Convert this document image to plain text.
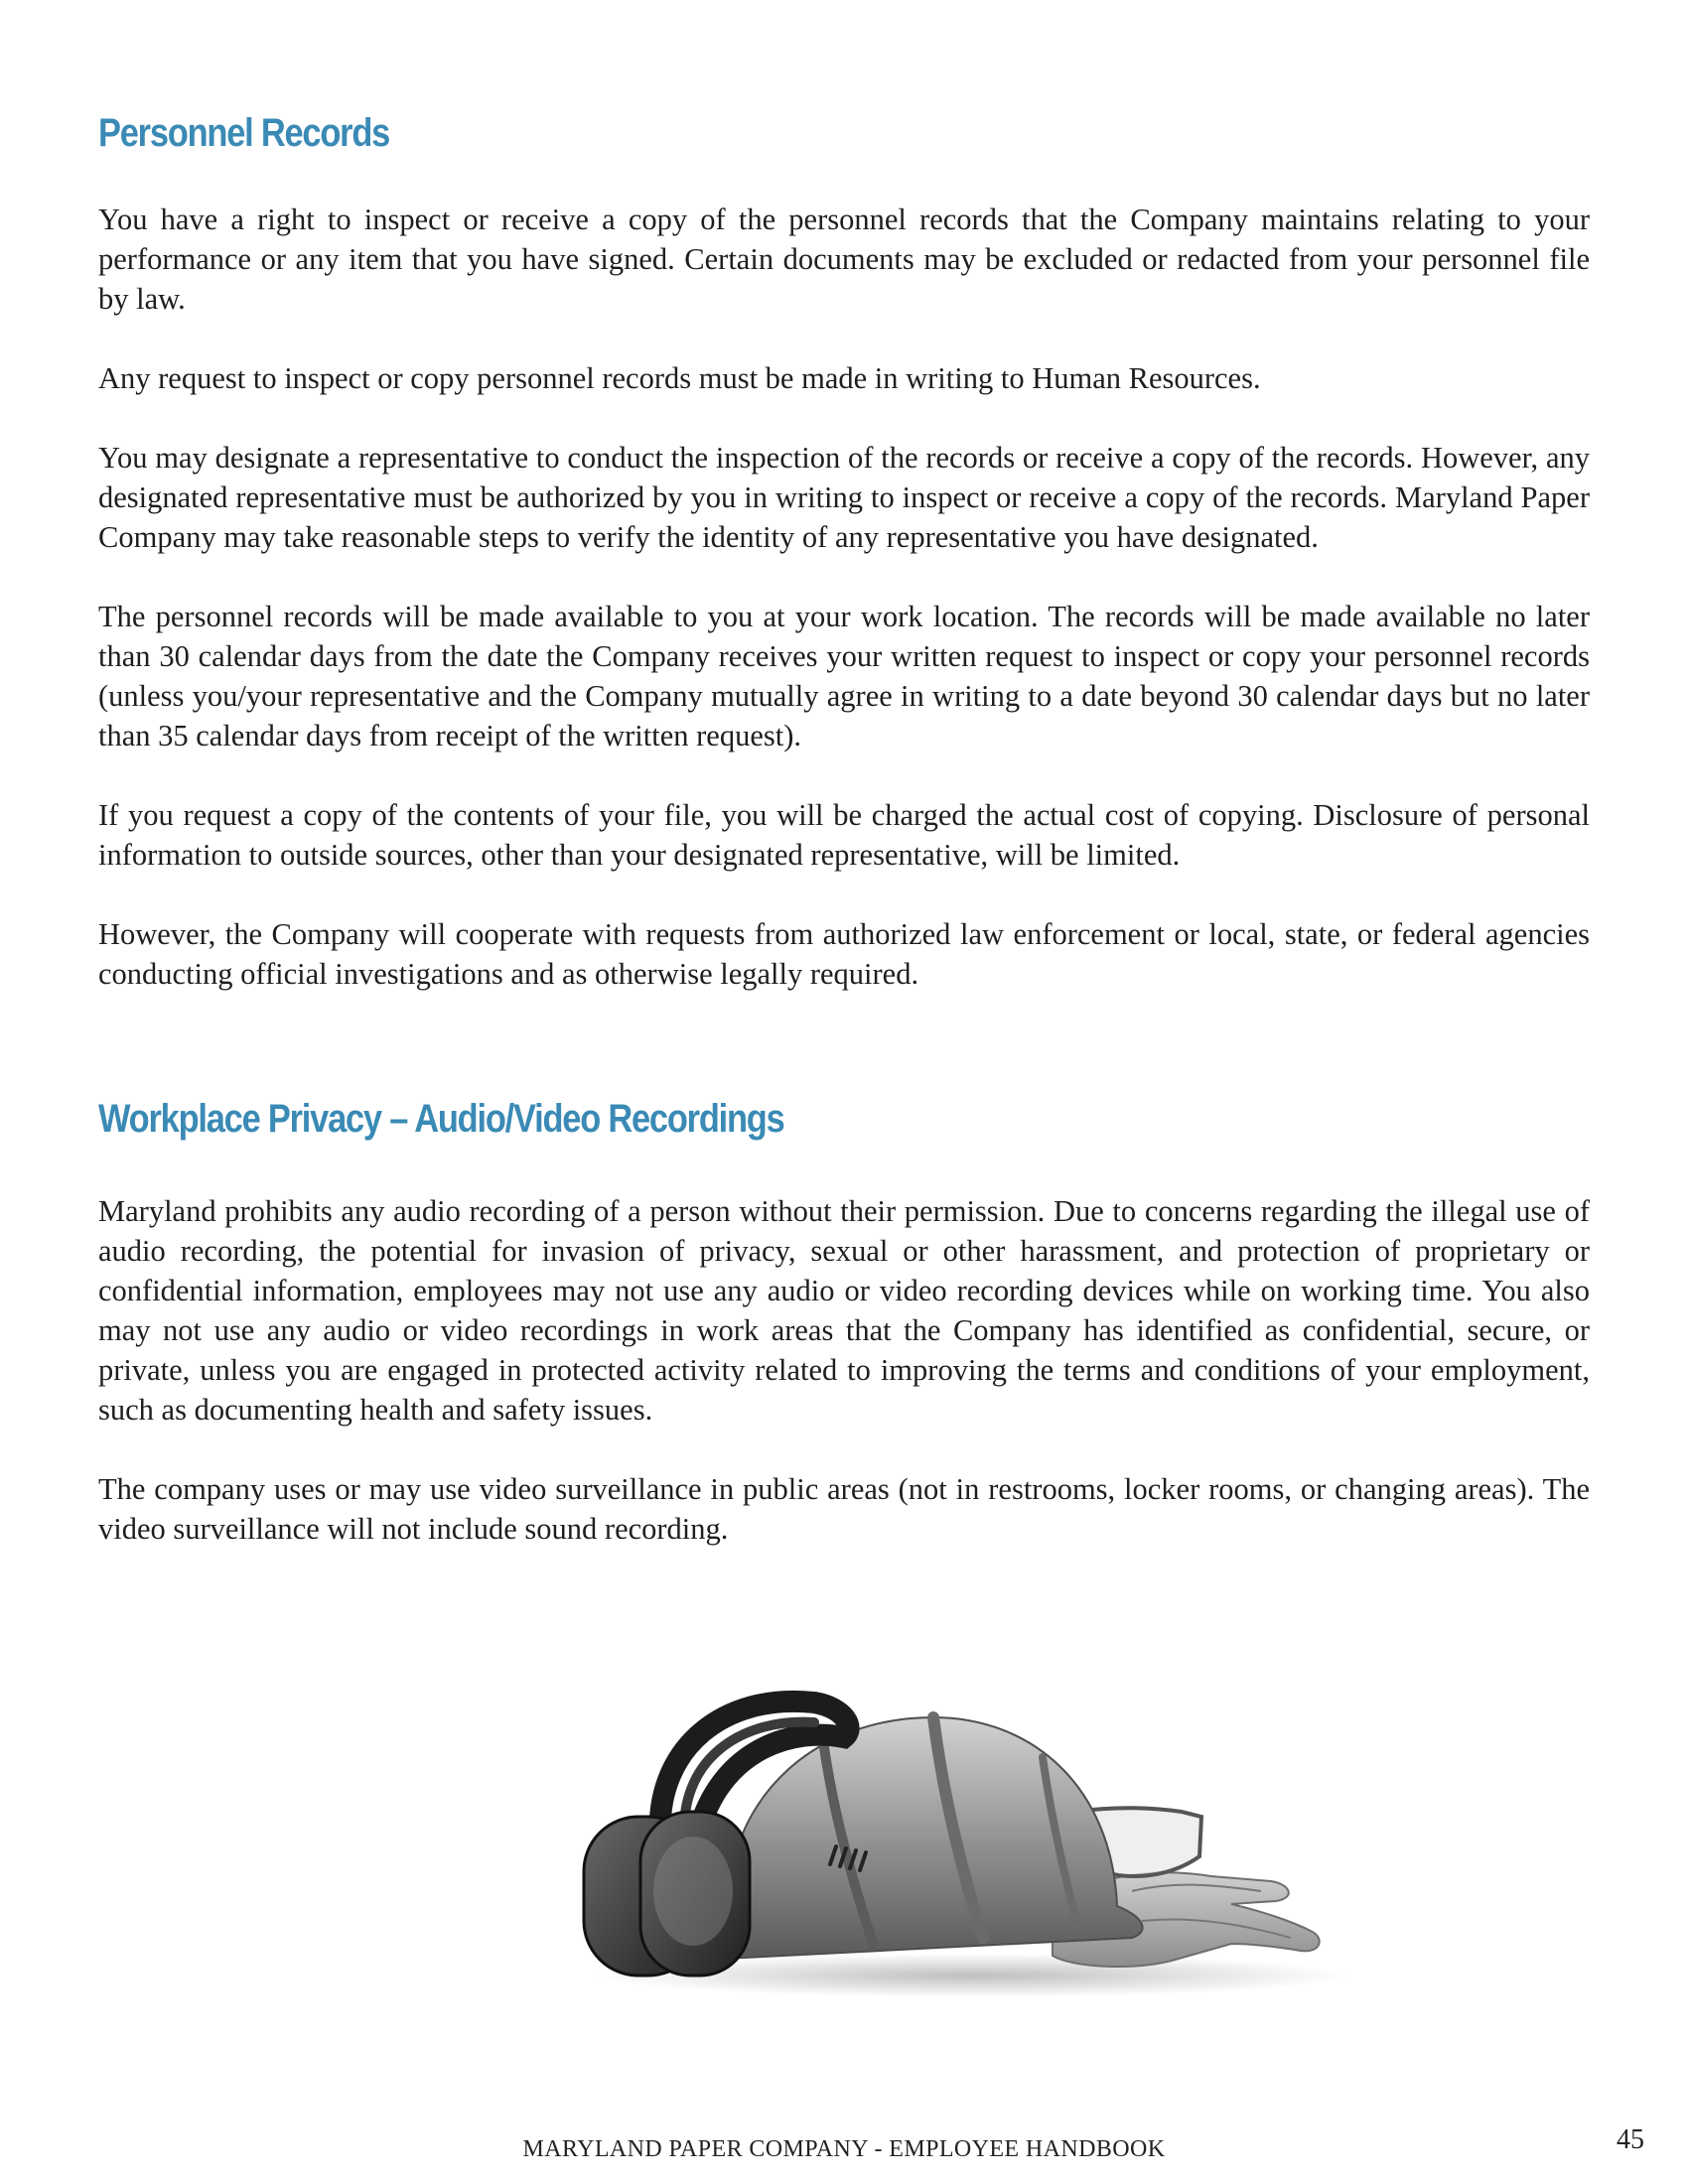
Personnel Records

You have a right to inspect or receive a copy of the personnel records that the Company maintains relating to your performance or any item that you have signed. Certain documents may be excluded or redacted from your personnel file by law.

Any request to inspect or copy personnel records must be made in writing to Human Resources.

You may designate a representative to conduct the inspection of the records or receive a copy of the records. However, any designated representative must be authorized by you in writing to inspect or receive a copy of the records. Maryland Paper Company may take reasonable steps to verify the identity of any representative you have designated.

The personnel records will be made available to you at your work location. The records will be made available no later than 30 calendar days from the date the Company receives your written request to inspect or copy your personnel records (unless you/your representative and the Company mutually agree in writing to a date beyond 30 calendar days but no later than 35 calendar days from receipt of the written request).

If you request a copy of the contents of your file, you will be charged the actual cost of copying. Disclosure of personal information to outside sources, other than your designated representative, will be limited.

However, the Company will cooperate with requests from authorized law enforcement or local, state, or federal agencies conducting official investigations and as otherwise legally required.

Workplace Privacy – Audio/Video Recordings

Maryland prohibits any audio recording of a person without their permission. Due to concerns regarding the illegal use of audio recording, the potential for invasion of privacy, sexual or other harassment, and protection of proprietary or confidential information, employees may not use any audio or video recording devices while on working time. You also may not use any audio or video recordings in work areas that the Company has identified as confidential, secure, or private, unless you are engaged in protected activity related to improving the terms and conditions of your employment, such as documenting health and safety issues.

The company uses or may use video surveillance in public areas (not in restrooms, locker rooms, or changing areas). The video surveillance will not include sound recording.

MARYLAND PAPER COMPANY - EMPLOYEE HANDBOOK	45
